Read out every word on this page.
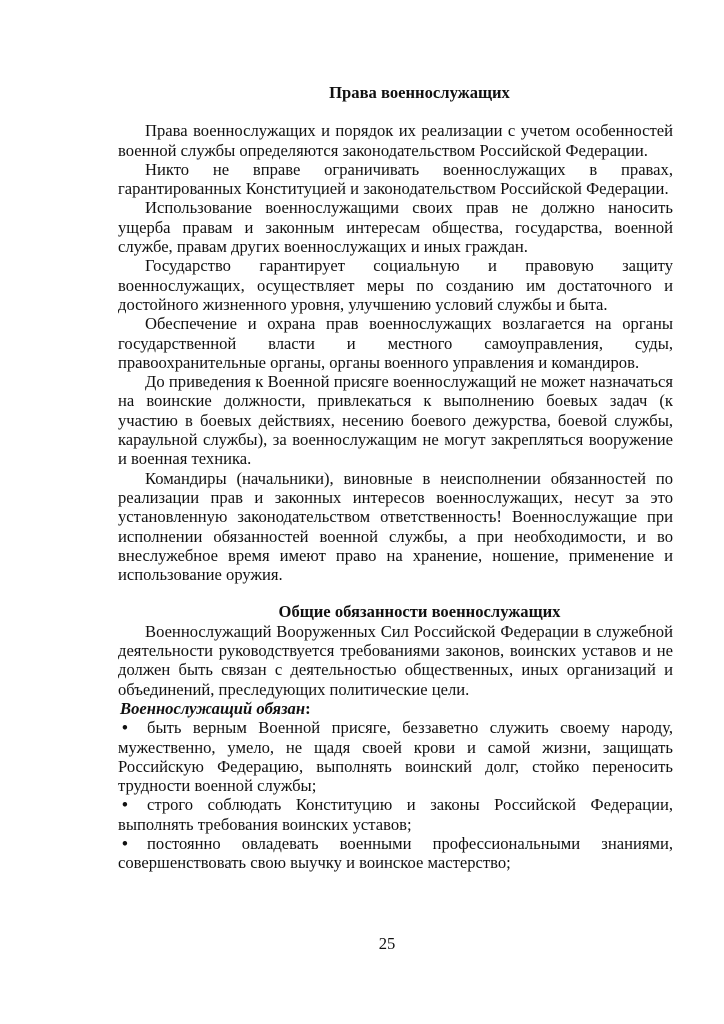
Права военнослужащих

Права военнослужащих и порядок их реализации с учетом особенностей военной службы определяются законодательством Российской Федерации.

Никто не вправе ограничивать военнослужащих в правах, гарантированных Конституцией и законодательством Российской Федерации.

Использование военнослужащими своих прав не должно наносить ущерба правам и законным интересам общества, государства, военной службе, правам других военнослужащих и иных граждан.

Государство гарантирует социальную и правовую защиту военнослужащих, осуществляет меры по созданию им достаточного и достойного жизненного уровня, улучшению условий службы и быта.

Обеспечение и охрана прав военнослужащих возлагается на органы государственной власти и местного самоуправления, суды, правоохранительные органы, органы военного управления и командиров.

До приведения к Военной присяге военнослужащий не может назначаться на воинские должности, привлекаться к выполнению боевых задач (к участию в боевых действиях, несению боевого дежурства, боевой службы, караульной службы), за военнослужащим не могут закрепляться вооружение и военная техника.

Командиры (начальники), виновные в неисполнении обязанностей по реализации прав и законных интересов военнослужащих, несут за это установленную законодательством ответственность! Военнослужащие при исполнении обязанностей военной службы, а при необходимости, и во внеслужебное время имеют право на хранение, ношение, применение и использование оружия.

Общие обязанности военнослужащих

Военнослужащий Вооруженных Сил Российской Федерации в служебной деятельности руководствуется требованиями законов, воинских уставов и не должен быть связан с деятельностью общественных, иных организаций и объединений, преследующих политические цели.

Военнослужащий обязан:

• быть верным Военной присяге, беззаветно служить своему народу, мужественно, умело, не щадя своей крови и самой жизни, защищать Российскую Федерацию, выполнять воинский долг, стойко переносить трудности военной службы;

• строго соблюдать Конституцию и законы Российской Федерации, выполнять требования воинских уставов;

• постоянно овладевать военными профессиональными знаниями, совершенствовать свою выучку и воинское мастерство;

25
